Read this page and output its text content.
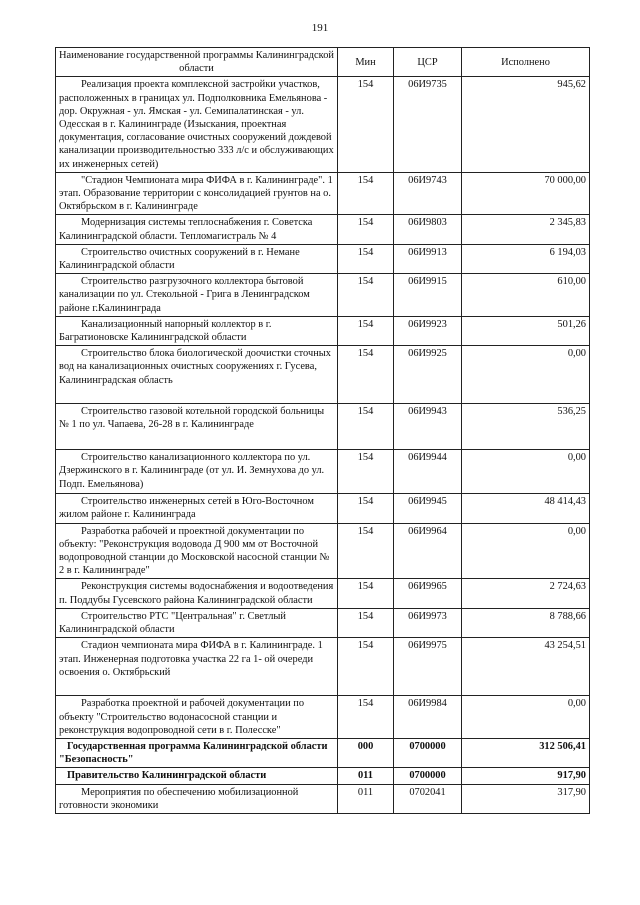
191
Наименование государственной программы Калининградской области	Мин	ЦСР	Исполнено
Реализация проекта комплексной застройки участков, расположенных в границах ул. Подполковника Емельянова - дор. Окружная - ул. Ямская - ул. Семипалатинская - ул. Одесская в г. Калининграде (Изыскания, проектная документация, согласование очистных сооружений дождевой канализации производительностью 333 л/с и обслуживающих их инженерных сетей)	154	06И9735	945,62
"Стадион Чемпионата мира ФИФА в г. Калининграде". 1 этап. Образование территории с консолидацией грунтов на о. Октябрьском в г. Калининграде	154	06И9743	70 000,00
Модернизация системы теплоснабжения г. Советска Калининградской области. Тепломагистраль № 4	154	06И9803	2 345,83
Строительство очистных сооружений в г. Немане Калининградской области	154	06И9913	6 194,03
Строительство разгрузочного коллектора бытовой канализации по ул. Стекольной - Грига в Ленинградском районе г.Калининграда	154	06И9915	610,00
Канализационный напорный коллектор в г. Багратионовске Калининградской области	154	06И9923	501,26
Строительство блока биологической доочистки сточных вод на канализационных очистных сооружениях г. Гусева, Калининградская область	154	06И9925	0,00
Строительство газовой котельной городской больницы № 1 по ул. Чапаева, 26-28 в г. Калининграде	154	06И9943	536,25
Строительство канализационного коллектора по ул. Дзержинского в г. Калининграде (от ул. И. Земнухова до ул. Подп. Емельянова)	154	06И9944	0,00
Строительство инженерных сетей в Юго-Восточном жилом районе г. Калининграда	154	06И9945	48 414,43
Разработка рабочей и проектной документации по объекту: "Реконструкция водовода Д 900 мм от Восточной водопроводной станции до Московской насосной станции № 2 в г. Калининграде"	154	06И9964	0,00
Реконструкция системы водоснабжения и водоотведения п. Поддубы Гусевского района Калининградской области	154	06И9965	2 724,63
Строительство РТС "Центральная" г. Светлый Калининградской области	154	06И9973	8 788,66
Стадион чемпионата мира ФИФА в г. Калининграде. 1 этап. Инженерная подготовка участка 22 га 1- ой очереди освоения о. Октябрьский	154	06И9975	43 254,51
Разработка проектной и рабочей документации по объекту "Строительство водонасосной станции и реконструкция водопроводной сети в г. Полесске"	154	06И9984	0,00
Государственная программа Калининградской области "Безопасность"	000	0700000	312 506,41
Правительство Калининградской области	011	0700000	917,90
Мероприятия по обеспечению мобилизационной готовности экономики	011	0702041	317,90
